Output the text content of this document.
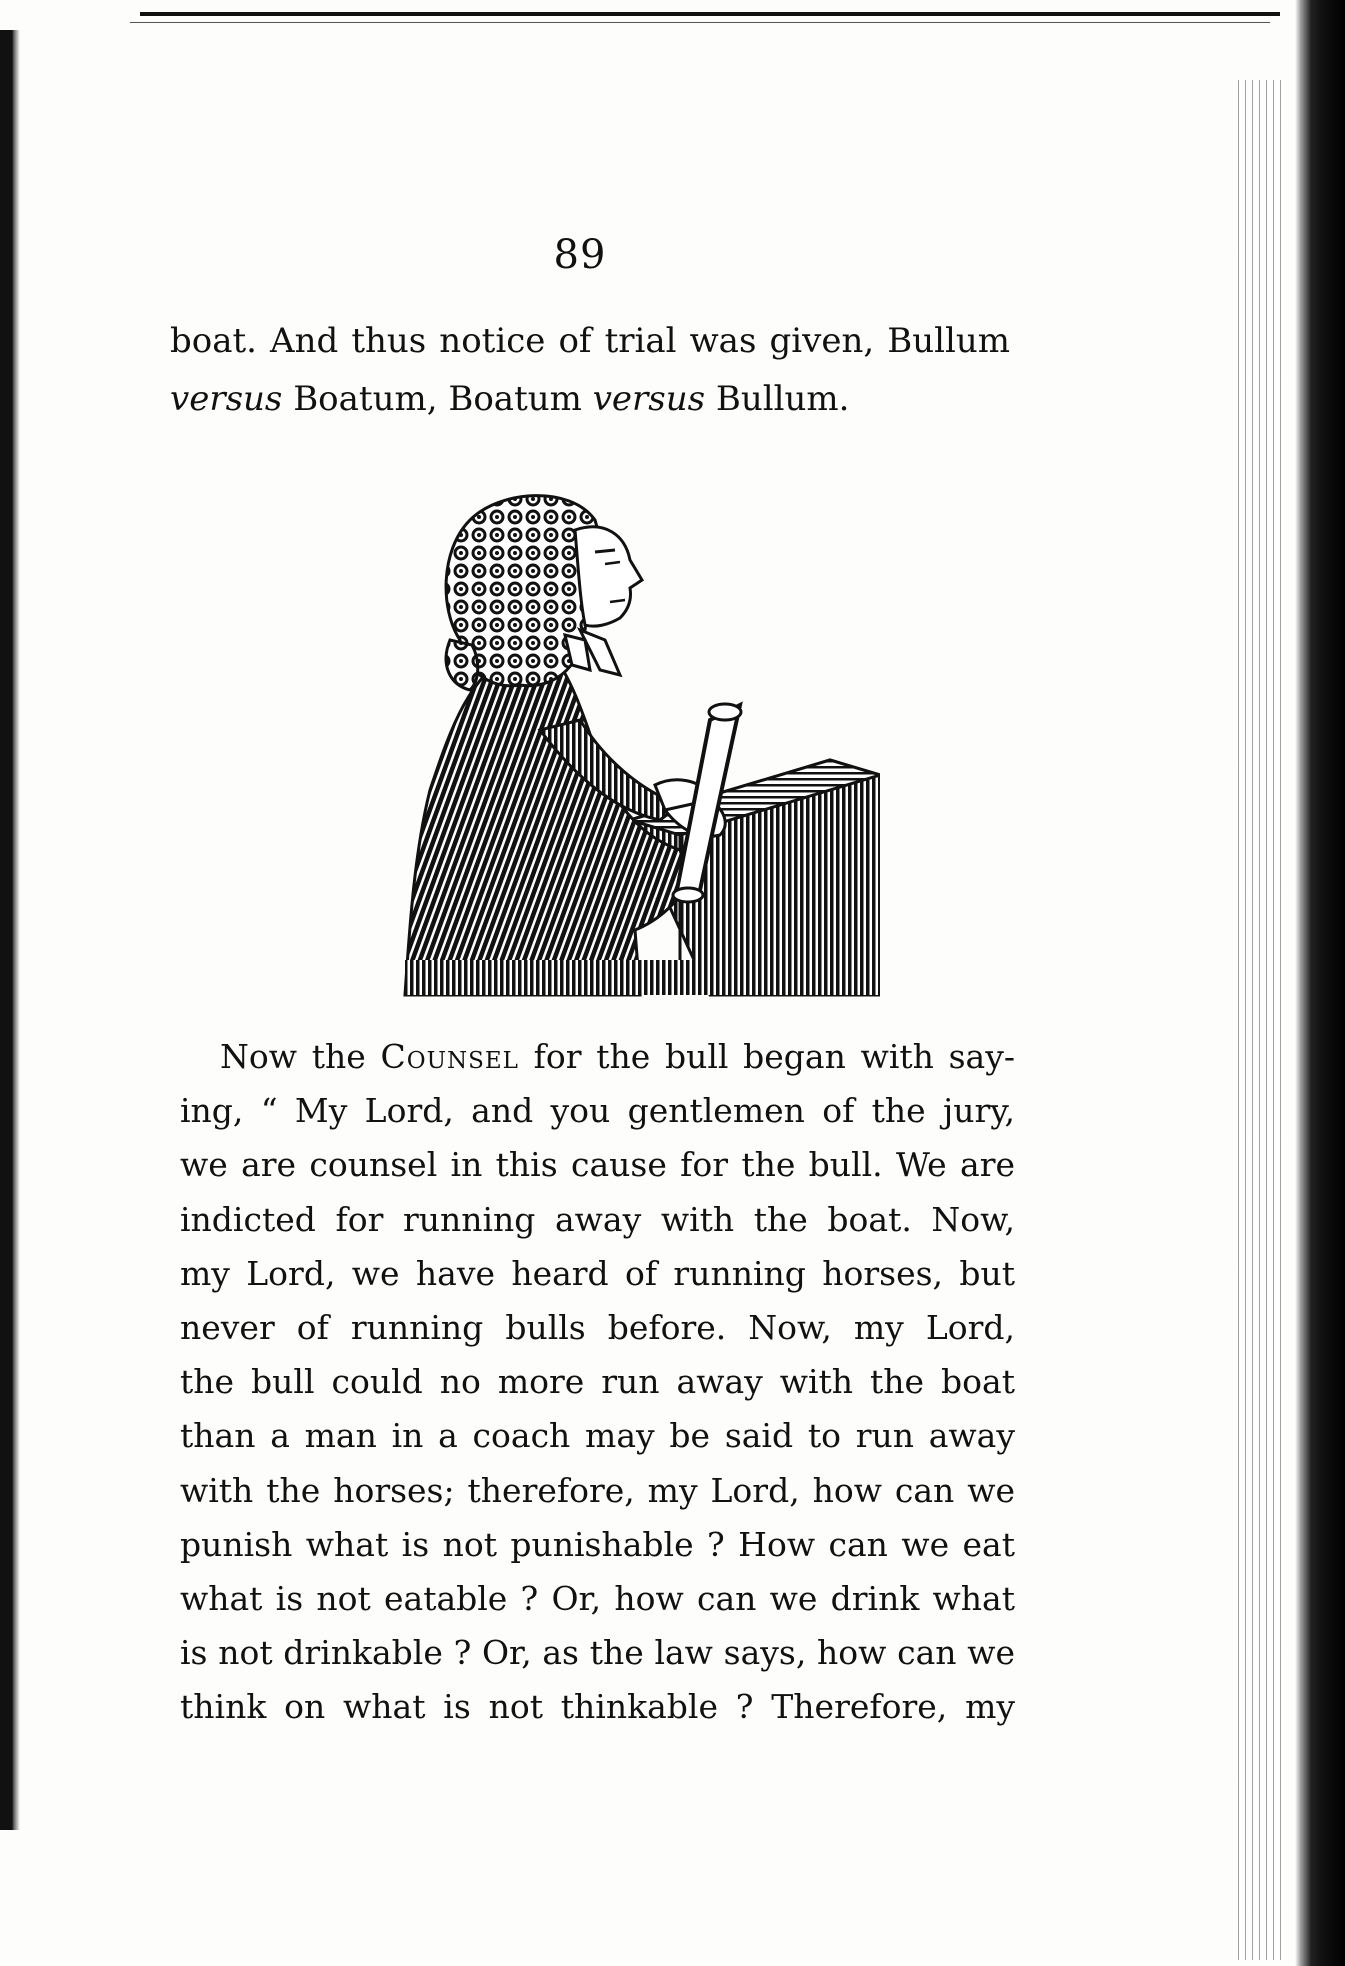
89
boat. And thus notice of trial was given, Bullum
versus Boatum, Boatum versus Bullum.
Now the Counsel for the bull began with say-
ing, “ My Lord, and you gentlemen of the jury,
we are counsel in this cause for the bull. We are
indicted for running away with the boat. Now,
my Lord, we have heard of running horses, but
never of running bulls before. Now, my Lord,
the bull could no more run away with the boat
than a man in a coach may be said to run away
with the horses; therefore, my Lord, how can we
punish what is not punishable ? How can we eat
what is not eatable ? Or, how can we drink what
is not drinkable ? Or, as the law says, how can we
think on what is not thinkable ? Therefore, my
